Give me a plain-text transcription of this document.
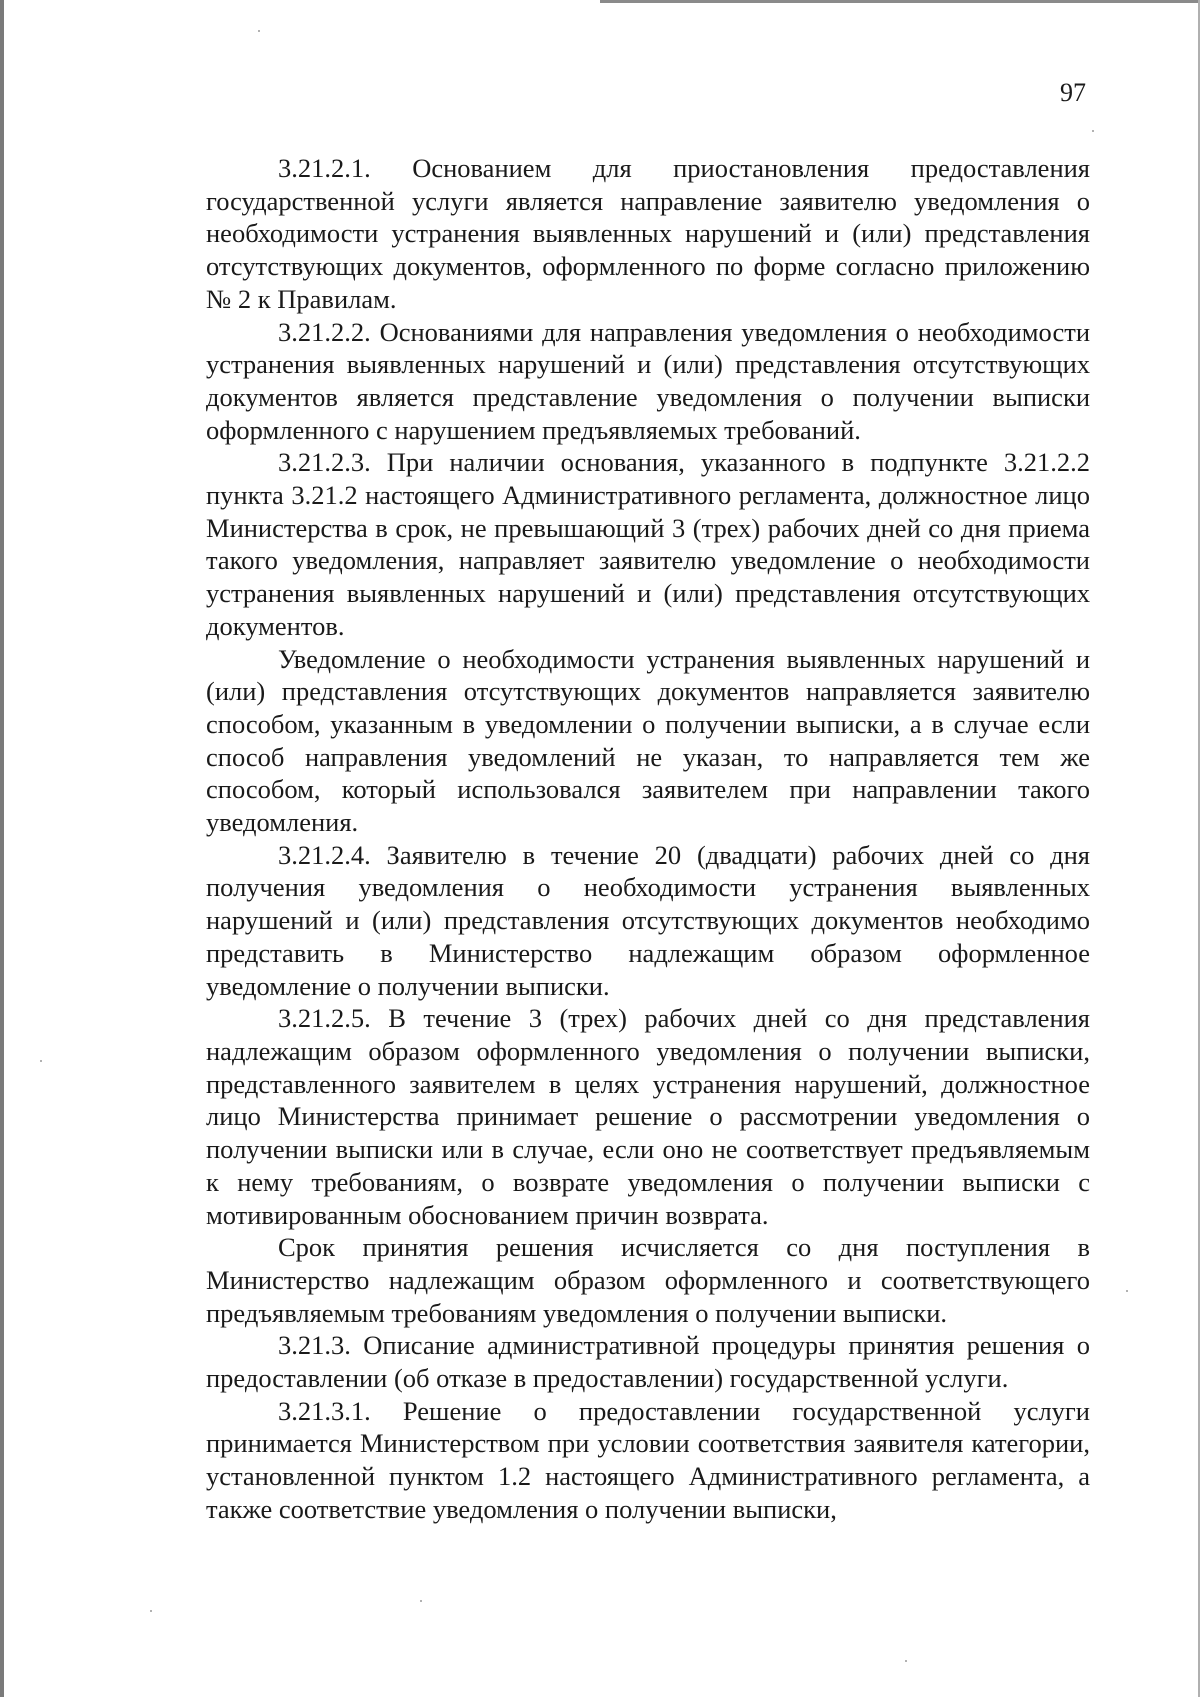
97

3.21.2.1. Основанием для приостановления предоставления государственной услуги является направление заявителю уведомления о необходимости устранения выявленных нарушений и (или) представления отсутствующих документов, оформленного по форме согласно приложению № 2 к Правилам.

3.21.2.2. Основаниями для направления уведомления о необходимости устранения выявленных нарушений и (или) представления отсутствующих документов является представление уведомления о получении выписки оформленного с нарушением предъявляемых требований.

3.21.2.3. При наличии основания, указанного в подпункте 3.21.2.2 пункта 3.21.2 настоящего Административного регламента, должностное лицо Министерства в срок, не превышающий 3 (трех) рабочих дней со дня приема такого уведомления, направляет заявителю уведомление о необходимости устранения выявленных нарушений и (или) представления отсутствующих документов.

Уведомление о необходимости устранения выявленных нарушений и (или) представления отсутствующих документов направляется заявителю способом, указанным в уведомлении о получении выписки, а в случае если способ направления уведомлений не указан, то направляется тем же способом, который использовался заявителем при направлении такого уведомления.

3.21.2.4. Заявителю в течение 20 (двадцати) рабочих дней со дня получения уведомления о необходимости устранения выявленных нарушений и (или) представления отсутствующих документов необходимо представить в Министерство надлежащим образом оформленное уведомление о получении выписки.

3.21.2.5. В течение 3 (трех) рабочих дней со дня представления надлежащим образом оформленного уведомления о получении выписки, представленного заявителем в целях устранения нарушений, должностное лицо Министерства принимает решение о рассмотрении уведомления о получении выписки или в случае, если оно не соответствует предъявляемым к нему требованиям, о возврате уведомления о получении выписки с мотивированным обоснованием причин возврата.

Срок принятия решения исчисляется со дня поступления в Министерство надлежащим образом оформленного и соответствующего предъявляемым требованиям уведомления о получении выписки.

3.21.3. Описание административной процедуры принятия решения о предоставлении (об отказе в предоставлении) государственной услуги.

3.21.3.1. Решение о предоставлении государственной услуги принимается Министерством при условии соответствия заявителя категории, установленной пунктом 1.2 настоящего Административного регламента, а также соответствие уведомления о получении выписки,
